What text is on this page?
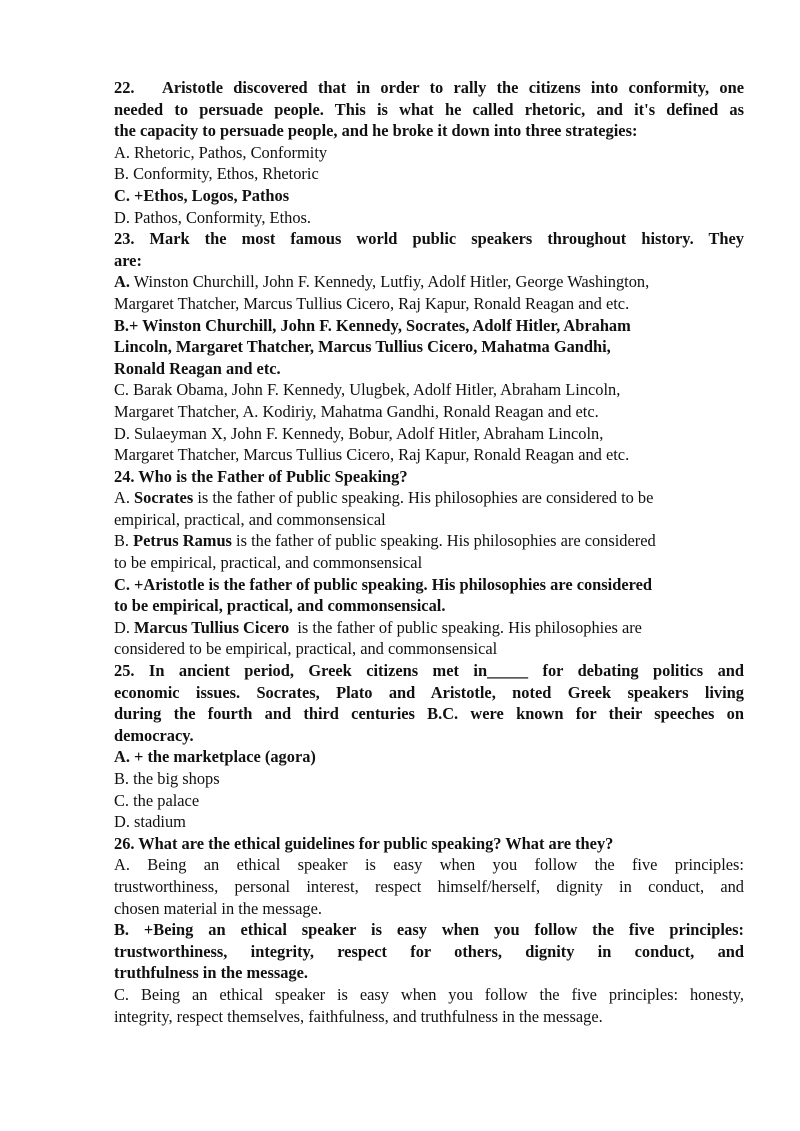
22. Aristotle discovered that in order to rally the citizens into conformity, one
needed to persuade people. This is what he called rhetoric, and it's defined as
the capacity to persuade people, and he broke it down into three strategies:
A. Rhetoric, Pathos, Conformity
B. Conformity, Ethos, Rhetoric
C. +Ethos, Logos, Pathos
D. Pathos, Conformity, Ethos.
23. Mark the most famous world public speakers throughout history. They
are:
A. Winston Churchill, John F. Kennedy, Lutfiy, Adolf Hitler, George Washington,
Margaret Thatcher, Marcus Tullius Cicero, Raj Kapur, Ronald Reagan and etc.
B.+ Winston Churchill, John F. Kennedy, Socrates, Adolf Hitler, Abraham
Lincoln, Margaret Thatcher, Marcus Tullius Cicero, Mahatma Gandhi,
Ronald Reagan and etc.
C. Barak Obama, John F. Kennedy, Ulugbek, Adolf Hitler, Abraham Lincoln,
Margaret Thatcher, A. Kodiriy, Mahatma Gandhi, Ronald Reagan and etc.
D. Sulaeyman X, John F. Kennedy, Bobur, Adolf Hitler, Abraham Lincoln,
Margaret Thatcher, Marcus Tullius Cicero, Raj Kapur, Ronald Reagan and etc.
24. Who is the Father of Public Speaking?
A. Socrates is the father of public speaking. His philosophies are considered to be
empirical, practical, and commonsensical
B. Petrus Ramus is the father of public speaking. His philosophies are considered
to be empirical, practical, and commonsensical
C. +Aristotle is the father of public speaking. His philosophies are considered
to be empirical, practical, and commonsensical.
D. Marcus Tullius Cicero  is the father of public speaking. His philosophies are
considered to be empirical, practical, and commonsensical
25. In ancient period, Greek citizens met in_____ for debating politics and
economic issues. Socrates, Plato and Aristotle, noted Greek speakers living
during the fourth and third centuries B.C. were known for their speeches on
democracy.
A. + the marketplace (agora)
B. the big shops
C. the palace
D. stadium
26. What are the ethical guidelines for public speaking? What are they?
A. Being an ethical speaker is easy when you follow the five principles:
trustworthiness, personal interest, respect himself/herself, dignity in conduct, and
chosen material in the message.
B. +Being an ethical speaker is easy when you follow the five principles:
trustworthiness, integrity, respect for others, dignity in conduct, and
truthfulness in the message.
C. Being an ethical speaker is easy when you follow the five principles: honesty,
integrity, respect themselves, faithfulness, and truthfulness in the message.
